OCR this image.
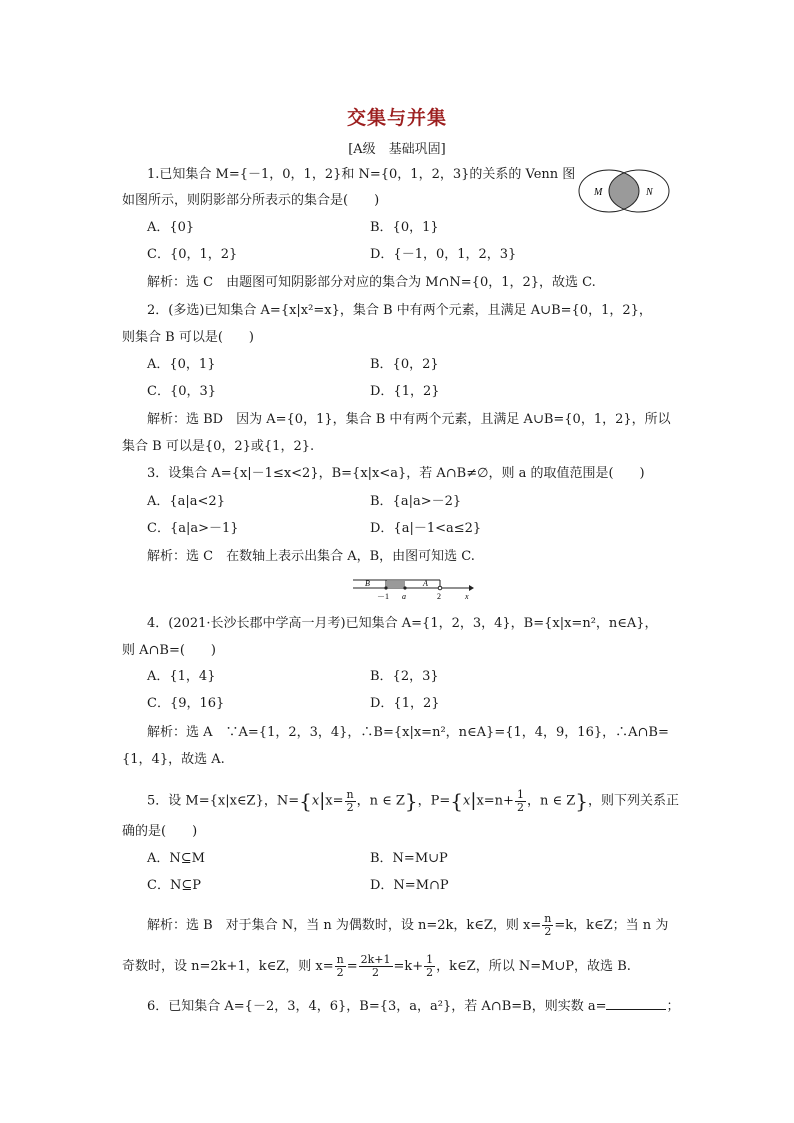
交集与并集
[A级　基础巩固]
1.已知集合 M={－1，0，1，2}和 N={0，1，2，3}的关系的 Venn 图
如图所示，则阴影部分所表示的集合是(　　)
M	N
A．{0}	B．{0，1}
C．{0，1，2}	D．{－1，0，1，2，3}
解析：选 C　由题图可知阴影部分对应的集合为 M∩N={0，1，2}，故选 C.
2．(多选)已知集合 A={x|x²=x}，集合 B 中有两个元素，且满足 A∪B={0，1，2}，
则集合 B 可以是(　　)
A．{0，1}	B．{0，2}
C．{0，3}	D．{1，2}
解析：选 BD　因为 A={0，1}，集合 B 中有两个元素，且满足 A∪B={0，1，2}，所以
集合 B 可以是{0，2}或{1，2}.
3．设集合 A={x|－1≤x<2}，B={x|x<a}，若 A∩B≠∅，则 a 的取值范围是(　　)
A．{a|a<2}	B．{a|a>－2}
C．{a|a>－1}	D．{a|－1<a≤2}
解析：选 C　在数轴上表示出集合 A，B，由图可知选 C.
B	A
－1 a	2	x
4．(2021·长沙长郡中学高一月考)已知集合 A={1，2，3，4}，B={x|x=n²，n∈A}，
则 A∩B=(　　)
A．{1，4}	B．{2，3}
C．{9，16}	D．{1，2}
解析：选 A　∵A={1，2，3，4}，∴B={x|x=n²，n∈A}={1，4，9，16}，∴A∩B=
{1，4}，故选 A.
5．设 M={x|x∈Z}，$N=\{x|x= \frac{n}{2}$ ，n ∈ Z}，$P=\{x|x=n+ \frac{1}{2}$ ，n ∈ Z}，则下列关系正
确的是(　　)
A．N⊆M	B．N=M∪P
C．N⊆P	D．N=M∩P
解析：选 B　对于集合 N，当 n 为偶数时，设 n=2k，k∈Z，则 $x= \frac{n}{2} =k$，k∈Z；当 n 为
奇数时，设 n=2k+1，k∈Z，则 $x= \frac{n}{2} = \frac{2k+1}{2} =k+ \frac{1}{2}$ ，k∈Z，所以 N=M∪P，故选 B.
6．已知集合 A={－2，3，4，6}，B={3，a，a²}，若 A∩B=B，则实数 a=	；
